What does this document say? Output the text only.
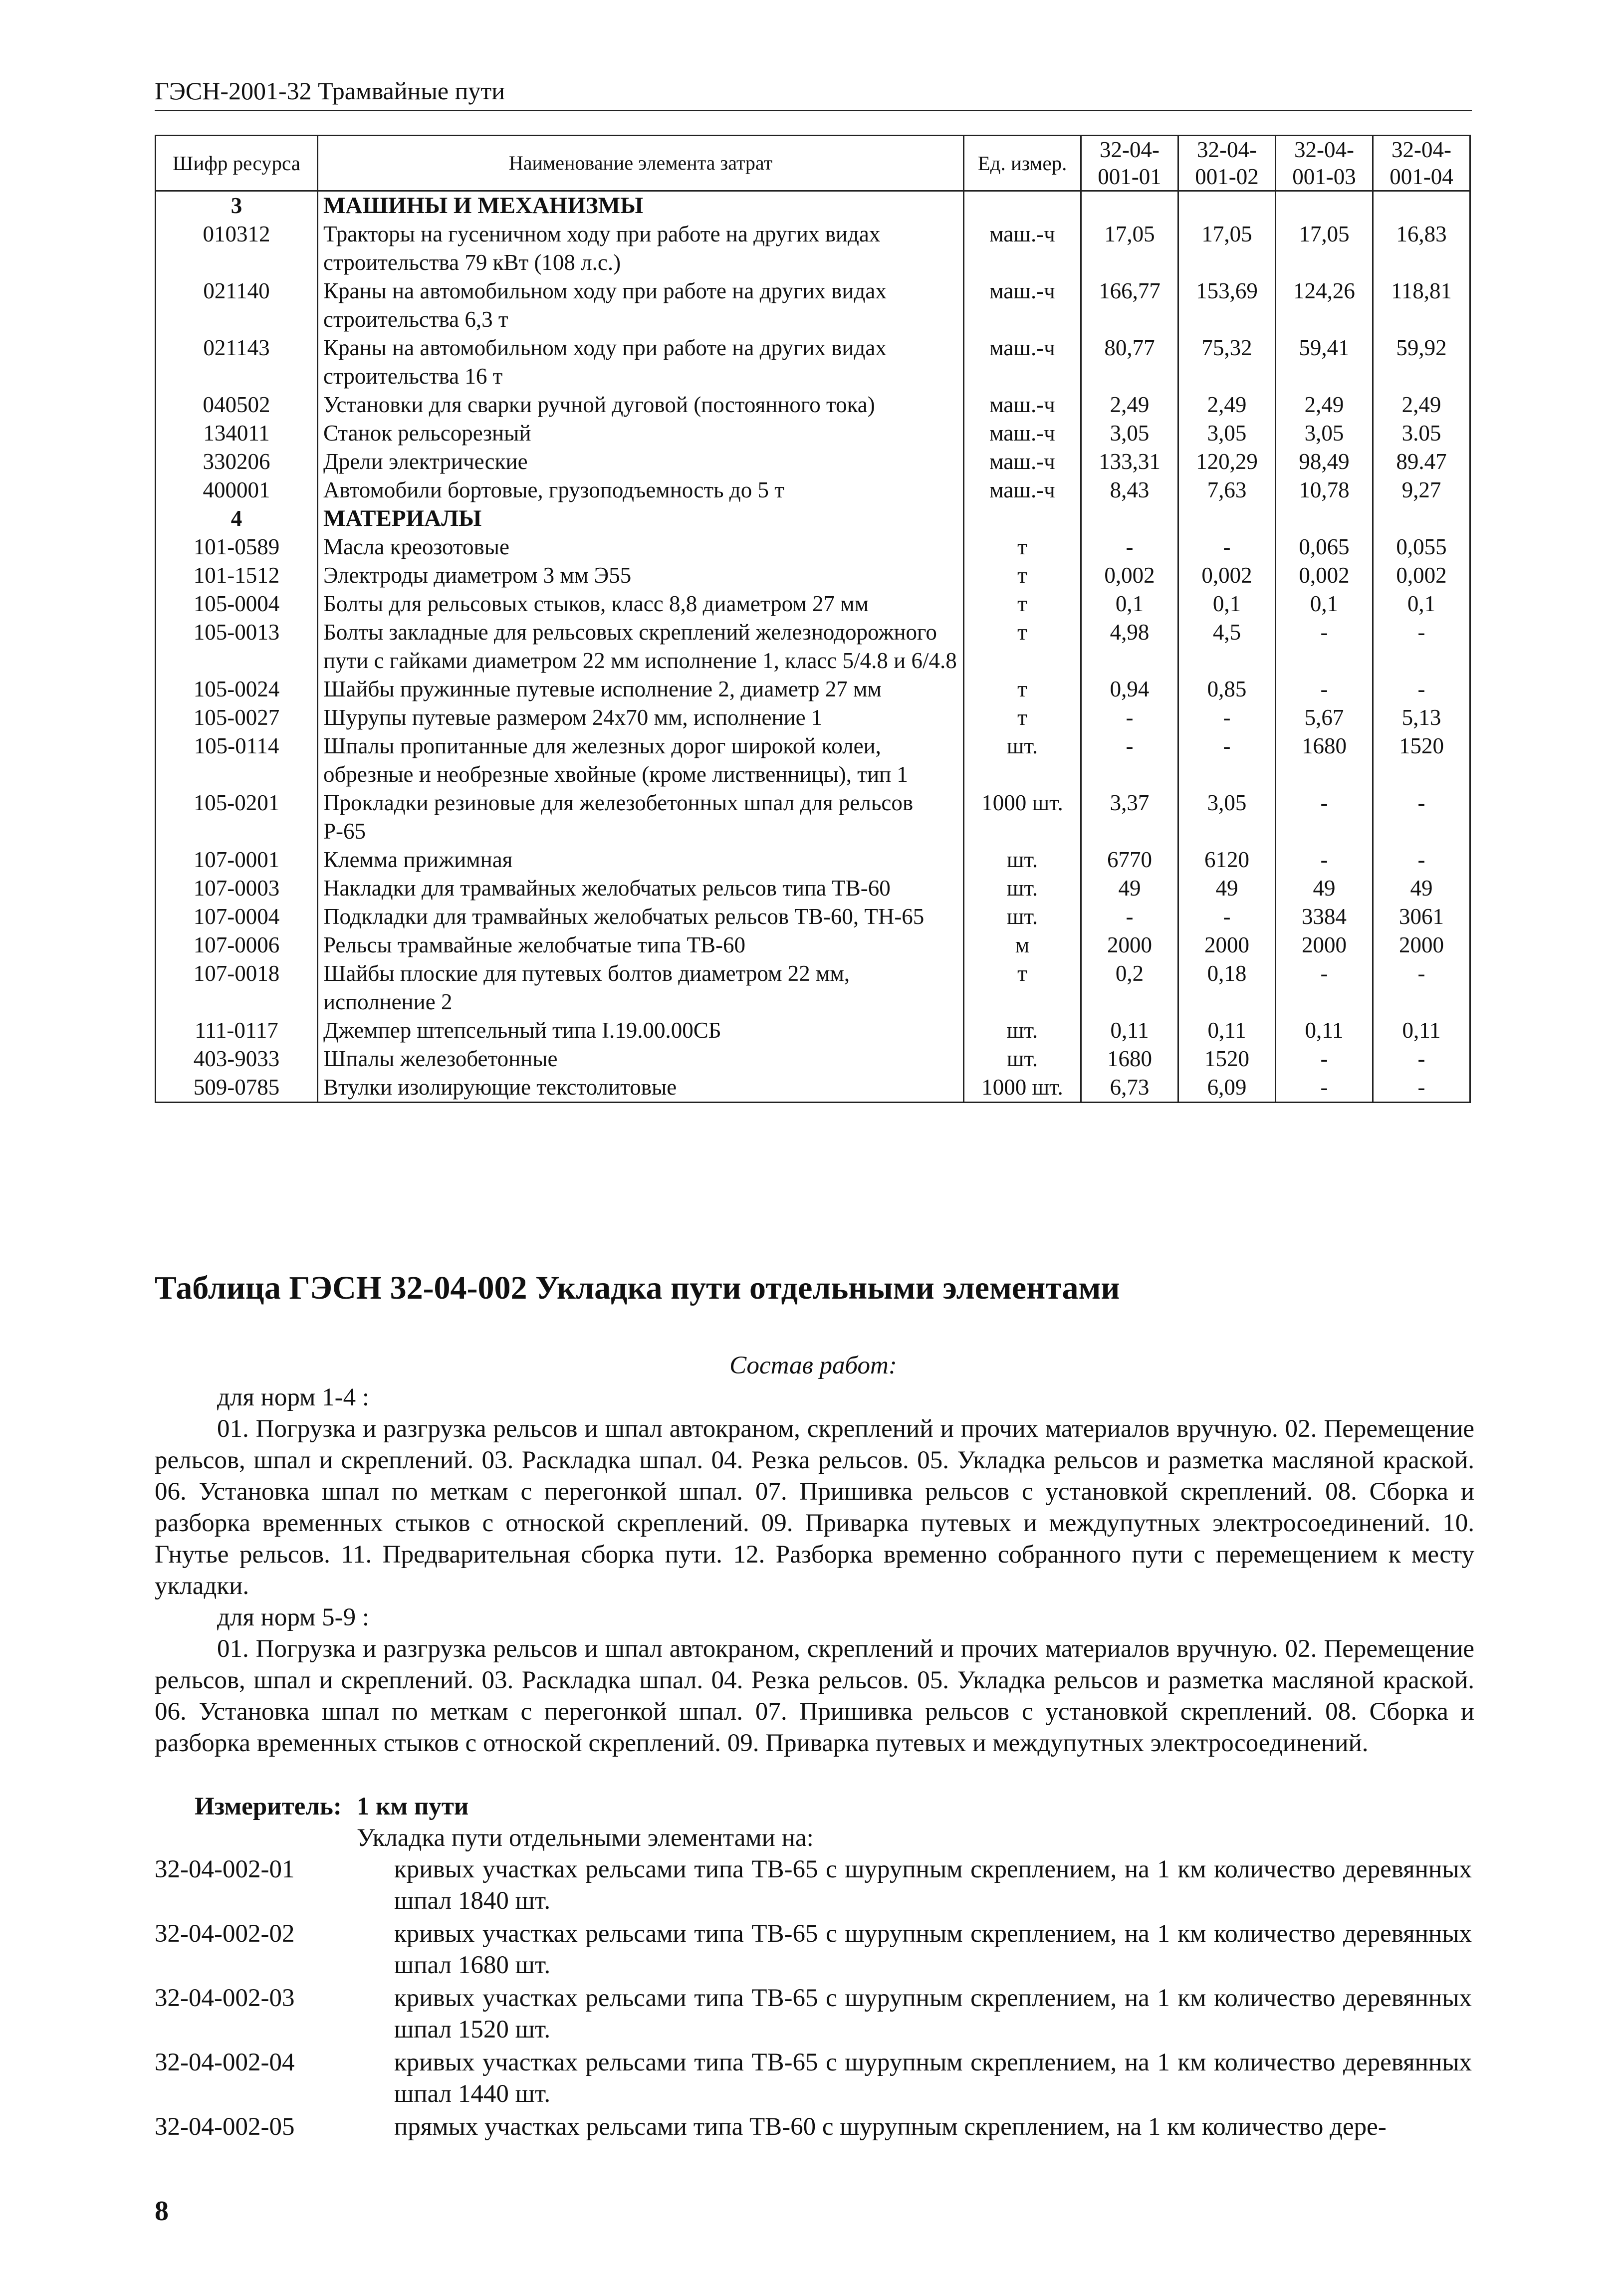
ГЭСН-2001-32 Трамвайные пути
Шифр ресурса	Наименование элемента затрат	Ед. измер.	32-04-001-01	32-04-001-02	32-04-001-03	32-04-001-04
3	МАШИНЫ И МЕХАНИЗМЫ					
010312	Тракторы на гусеничном ходу при работе на других видах строительства 79 кВт (108 л.с.)	маш.-ч	17,05	17,05	17,05	16,83
021140	Краны на автомобильном ходу при работе на других видах строительства 6,3 т	маш.-ч	166,77	153,69	124,26	118,81
021143	Краны на автомобильном ходу при работе на других видах строительства 16 т	маш.-ч	80,77	75,32	59,41	59,92
040502	Установки для сварки ручной дуговой (постоянного тока)	маш.-ч	2,49	2,49	2,49	2,49
134011	Станок рельсорезный	маш.-ч	3,05	3,05	3,05	3.05
330206	Дрели электрические	маш.-ч	133,31	120,29	98,49	89.47
400001	Автомобили бортовые, грузоподъемность до 5 т	маш.-ч	8,43	7,63	10,78	9,27
4	МАТЕРИАЛЫ					
101-0589	Масла креозотовые	т	-	-	0,065	0,055
101-1512	Электроды диаметром 3 мм Э55	т	0,002	0,002	0,002	0,002
105-0004	Болты для рельсовых стыков, класс 8,8 диаметром 27 мм	т	0,1	0,1	0,1	0,1
105-0013	Болты закладные для рельсовых скреплений железнодорожного пути с гайками диаметром 22 мм исполнение 1, класс 5/4.8 и 6/4.8	т	4,98	4,5	-	-
105-0024	Шайбы пружинные путевые исполнение 2, диаметр 27 мм	т	0,94	0,85	-	-
105-0027	Шурупы путевые размером 24x70 мм, исполнение 1	т	-	-	5,67	5,13
105-0114	Шпалы пропитанные для железных дорог широкой колеи, обрезные и необрезные хвойные (кроме лиственницы), тип 1	шт.	-	-	1680	1520
105-0201	Прокладки резиновые для железобетонных шпал для рельсов Р-65	1000 шт.	3,37	3,05	-	-
107-0001	Клемма прижимная	шт.	6770	6120	-	-
107-0003	Накладки для трамвайных желобчатых рельсов типа ТВ-60	шт.	49	49	49	49
107-0004	Подкладки для трамвайных желобчатых рельсов ТВ-60, ТН-65	шт.	-	-	3384	3061
107-0006	Рельсы трамвайные желобчатые типа ТВ-60	м	2000	2000	2000	2000
107-0018	Шайбы плоские для путевых болтов диаметром 22 мм, исполнение 2	т	0,2	0,18	-	-
111-0117	Джемпер штепсельный типа I.19.00.00СБ	шт.	0,11	0,11	0,11	0,11
403-9033	Шпалы железобетонные	шт.	1680	1520	-	-
509-0785	Втулки изолирующие текстолитовые	1000 шт.	6,73	6,09	-	-
Таблица ГЭСН 32-04-002 Укладка пути отдельными элементами
Состав работ:
для норм 1-4 :

01. Погрузка и разгрузка рельсов и шпал автокраном, скреплений и прочих материалов вручную. 02. Перемещение рельсов, шпал и скреплений. 03. Раскладка шпал. 04. Резка рельсов. 05. Укладка рельсов и разметка масляной краской. 06. Установка шпал по меткам с перегонкой шпал. 07. Пришивка рельсов с установкой скреплений. 08. Сборка и разборка временных стыков с отноской скреплений. 09. Приварка путевых и междупутных электросоединений. 10. Гнутье рельсов. 11. Предварительная сборка пути. 12. Разборка временно собранного пути с перемещением к месту укладки.

для норм 5-9 :

01. Погрузка и разгрузка рельсов и шпал автокраном, скреплений и прочих материалов вручную. 02. Перемещение рельсов, шпал и скреплений. 03. Раскладка шпал. 04. Резка рельсов. 05. Укладка рельсов и разметка масляной краской. 06. Установка шпал по меткам с перегонкой шпал. 07. Пришивка рельсов с установкой скреплений. 08. Сборка и разборка временных стыков с отноской скреплений. 09. Приварка путевых и междупутных электросоединений.

Измеритель: 1 км пути
Укладка пути отдельными элементами на:
32-04-002-01	кривых участках рельсами типа ТВ-65 с шурупным скреплением, на 1 км количество деревянных шпал 1840 шт.
32-04-002-02	кривых участках рельсами типа ТВ-65 с шурупным скреплением, на 1 км количество деревянных шпал 1680 шт.
32-04-002-03	кривых участках рельсами типа ТВ-65 с шурупным скреплением, на 1 км количество деревянных шпал 1520 шт.
32-04-002-04	кривых участках рельсами типа ТВ-65 с шурупным скреплением, на 1 км количество деревянных шпал 1440 шт.
32-04-002-05	прямых участках рельсами типа ТВ-60 с шурупным скреплением, на 1 км количество дере-
8
